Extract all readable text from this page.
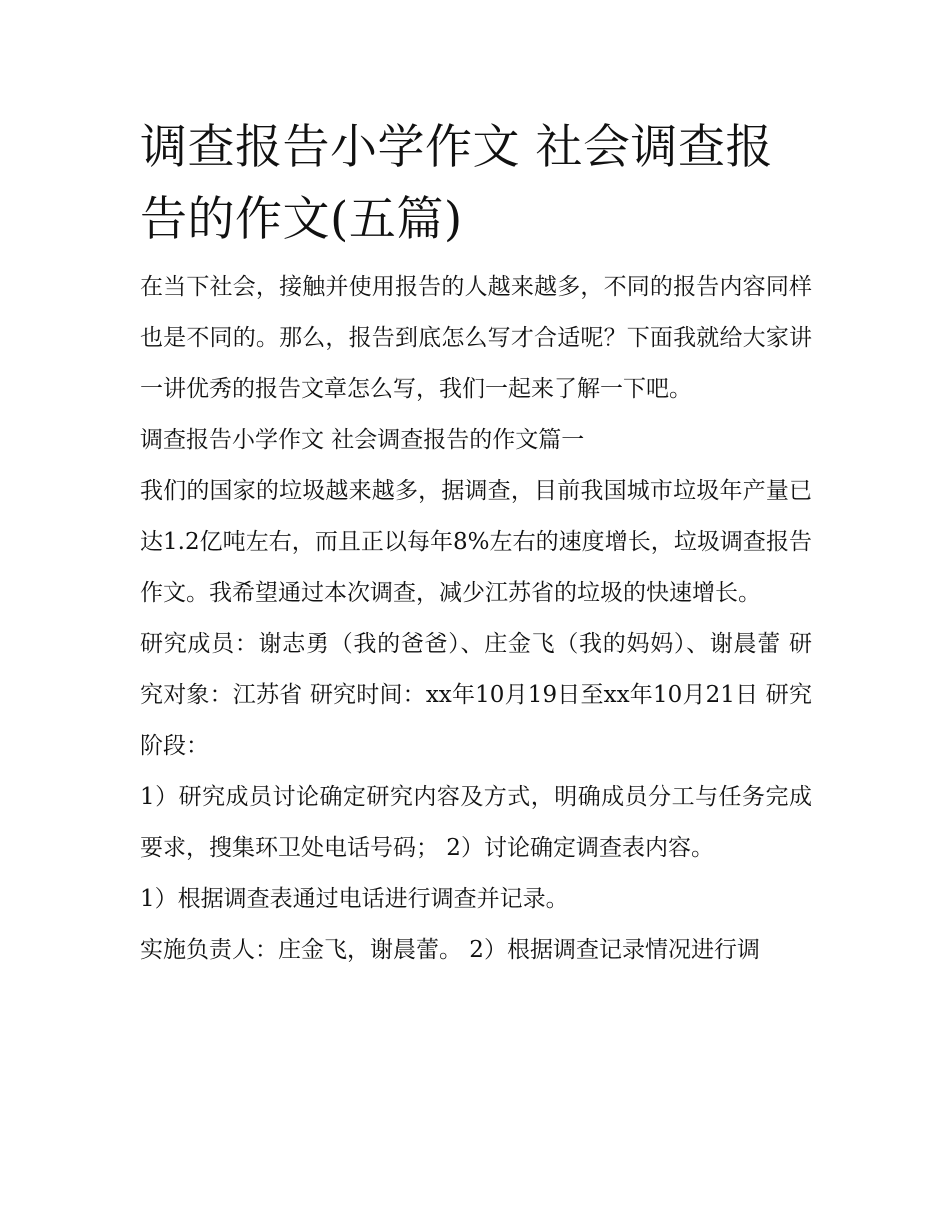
调查报告小学作文 社会调查报告的作文(五篇)

在当下社会，接触并使用报告的人越来越多，不同的报告内容同样也是不同的。那么，报告到底怎么写才合适呢？下面我就给大家讲一讲优秀的报告文章怎么写，我们一起来了解一下吧。

调查报告小学作文 社会调查报告的作文篇一

我们的国家的垃圾越来越多，据调查，目前我国城市垃圾年产量已达1.2亿吨左右，而且正以每年8%左右的速度增长，垃圾调查报告作文。我希望通过本次调查，减少江苏省的垃圾的快速增长。

研究成员：谢志勇（我的爸爸）、庄金飞（我的妈妈）、谢晨蕾 研究对象：江苏省 研究时间：xx年10月19日至xx年10月21日 研究阶段：

1）研究成员讨论确定研究内容及方式，明确成员分工与任务完成要求，搜集环卫处电话号码； 2）讨论确定调查表内容。

1）根据调查表通过电话进行调查并记录。

实施负责人：庄金飞，谢晨蕾。 2）根据调查记录情况进行调
